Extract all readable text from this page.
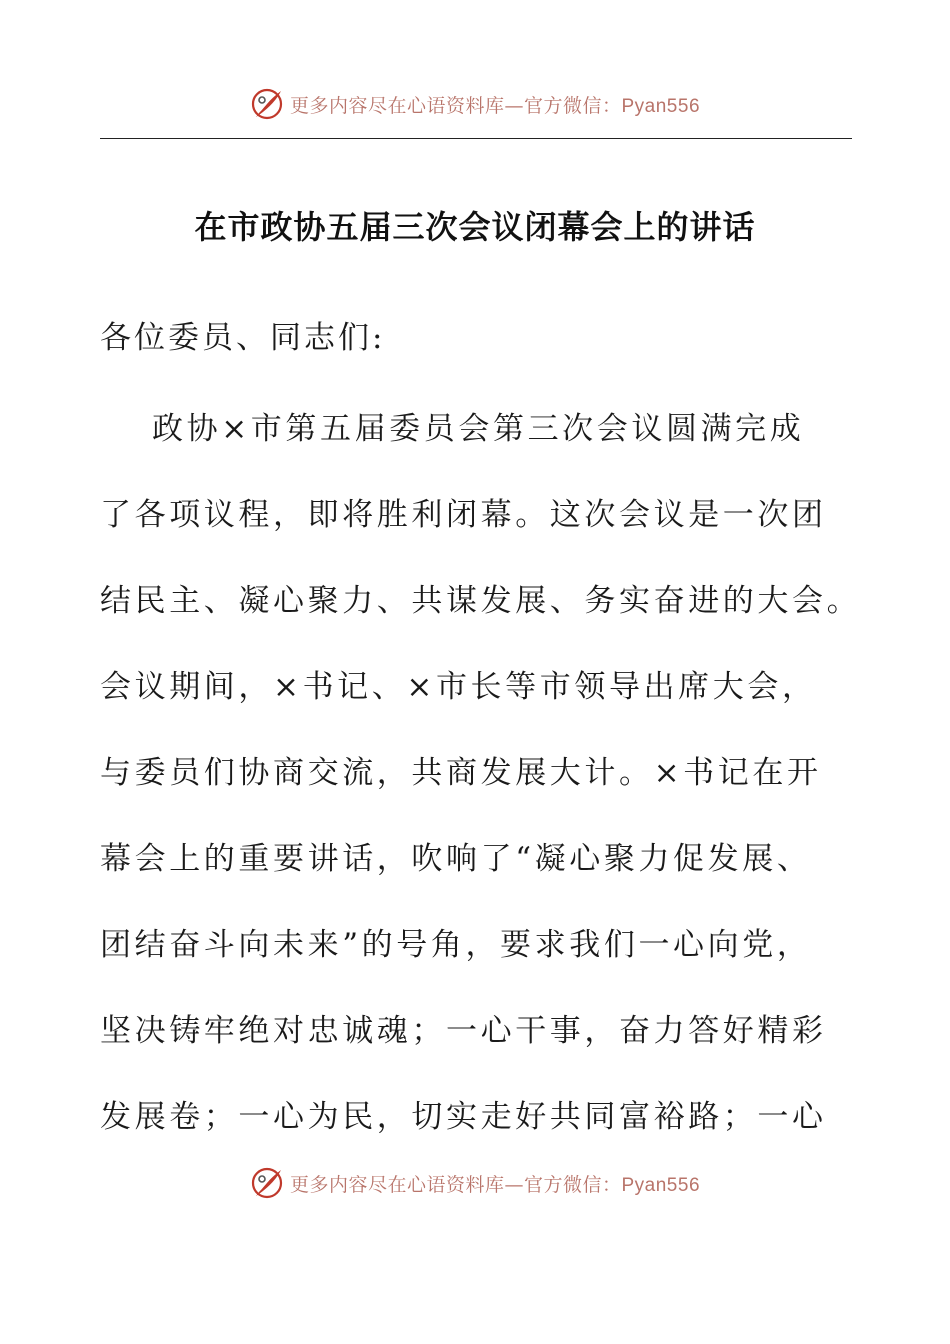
更多内容尽在心语资料库—官方微信：Pyan556
在市政协五届三次会议闭幕会上的讲话

各位委员、同志们:

政协×市第五届委员会第三次会议圆满完成
了各项议程，即将胜利闭幕。这次会议是一次团
结民主、凝心聚力、共谋发展、务实奋进的大会。
会议期间，×书记、×市长等市领导出席大会，
与委员们协商交流，共商发展大计。×书记在开
幕会上的重要讲话，吹响了“凝心聚力促发展、
团结奋斗向未来”的号角，要求我们一心向党，
坚决铸牢绝对忠诚魂；一心干事，奋力答好精彩
发展卷；一心为民，切实走好共同富裕路；一心
更多内容尽在心语资料库—官方微信：Pyan556
